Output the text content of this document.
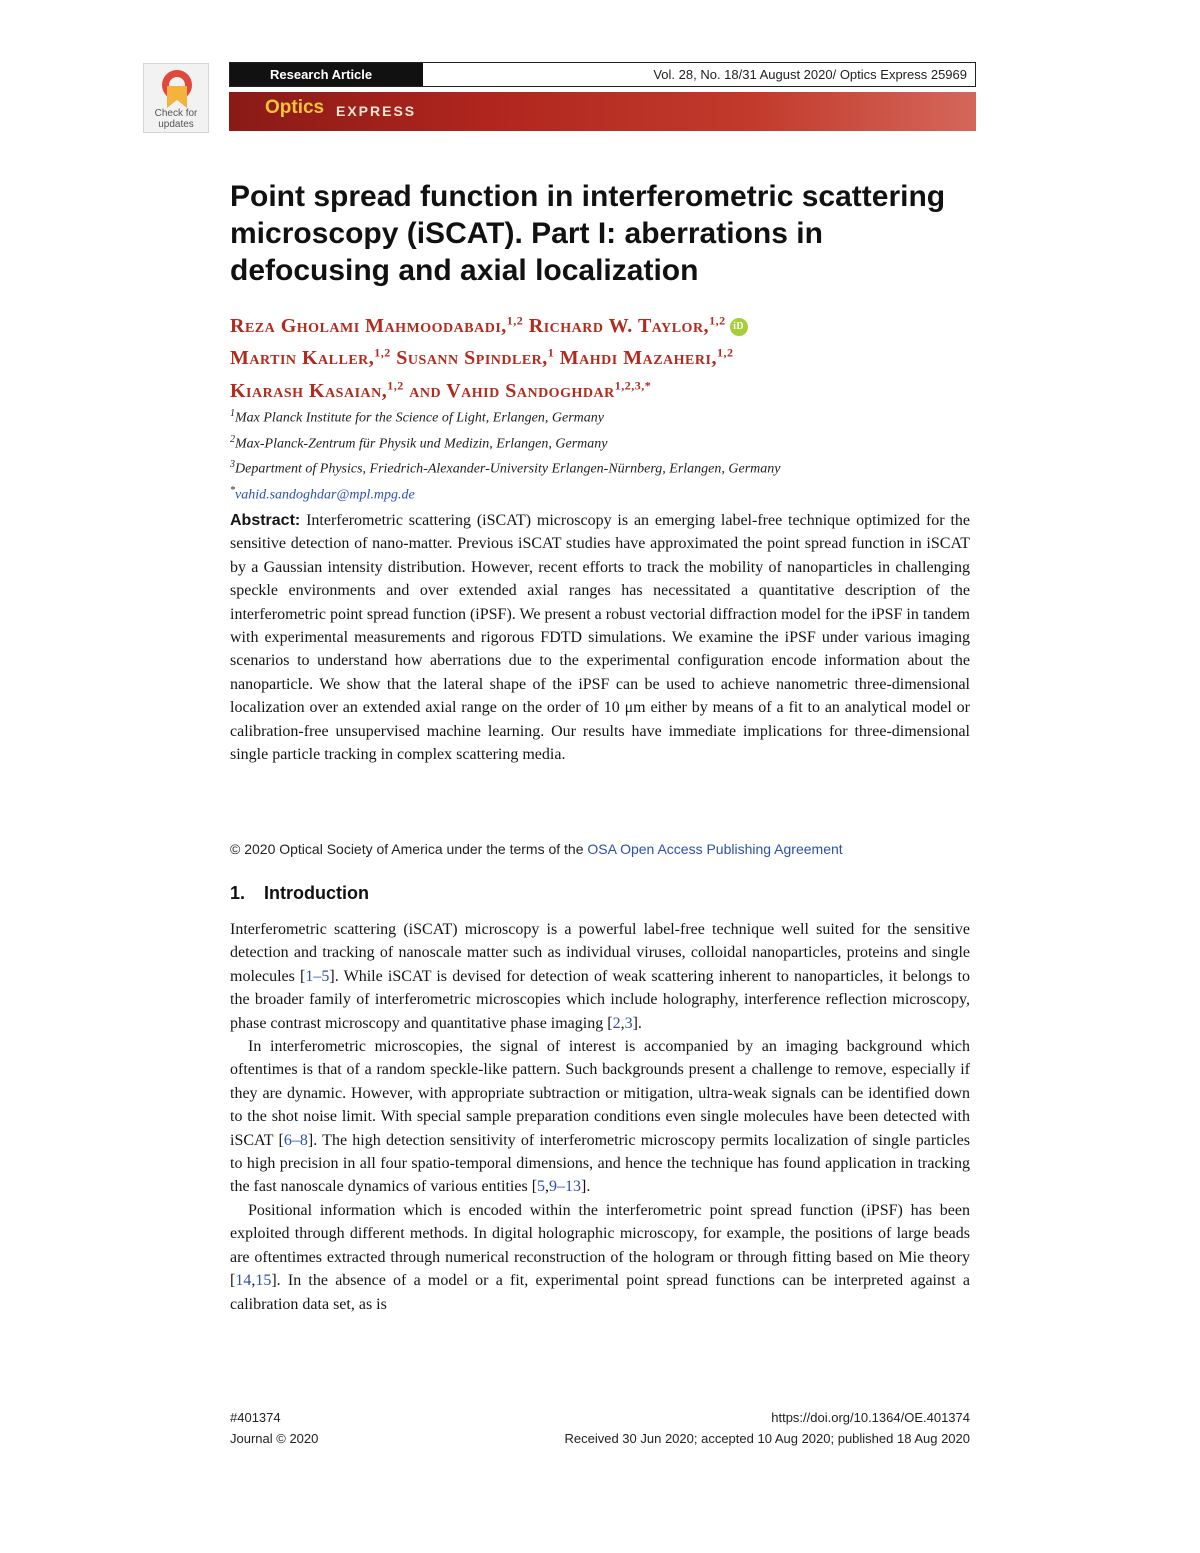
Check for updates
Research Article	Vol. 28, No. 18/31 August 2020/ Optics Express 25969
Optics EXPRESS
Point spread function in interferometric scattering microscopy (iSCAT). Part I: aberrations in defocusing and axial localization
Reza Gholami Mahmoodabadi,$^{1,2}$ Richard W. Taylor,$^{1,2}$ iD
Martin Kaller,$^{1,2}$ Susann Spindler,$^1$ Mahdi Mazaheri,$^{1,2}$
Kiarash Kasaian,$^{1,2}$ and Vahid Sandoghdar$^{1,2,3,*}$
$^1$Max Planck Institute for the Science of Light, Erlangen, Germany
$^2$Max-Planck-Zentrum für Physik und Medizin, Erlangen, Germany
$^3$Department of Physics, Friedrich-Alexander-University Erlangen-Nürnberg, Erlangen, Germany
*vahid.sandoghdar@mpl.mpg.de
Abstract: Interferometric scattering (iSCAT) microscopy is an emerging label-free technique optimized for the sensitive detection of nano-matter. Previous iSCAT studies have approximated the point spread function in iSCAT by a Gaussian intensity distribution. However, recent efforts to track the mobility of nanoparticles in challenging speckle environments and over extended axial ranges has necessitated a quantitative description of the interferometric point spread function (iPSF). We present a robust vectorial diffraction model for the iPSF in tandem with experimental measurements and rigorous FDTD simulations. We examine the iPSF under various imaging scenarios to understand how aberrations due to the experimental configuration encode information about the nanoparticle. We show that the lateral shape of the iPSF can be used to achieve nanometric three-dimensional localization over an extended axial range on the order of 10 μm either by means of a fit to an analytical model or calibration-free unsupervised machine learning. Our results have immediate implications for three-dimensional single particle tracking in complex scattering media.
© 2020 Optical Society of America under the terms of the OSA Open Access Publishing Agreement
1. Introduction

Interferometric scattering (iSCAT) microscopy is a powerful label-free technique well suited for the sensitive detection and tracking of nanoscale matter such as individual viruses, colloidal nanoparticles, proteins and single molecules [1–5]. While iSCAT is devised for detection of weak scattering inherent to nanoparticles, it belongs to the broader family of interferometric microscopies which include holography, interference reflection microscopy, phase contrast microscopy and quantitative phase imaging [2,3].

In interferometric microscopies, the signal of interest is accompanied by an imaging background which oftentimes is that of a random speckle-like pattern. Such backgrounds present a challenge to remove, especially if they are dynamic. However, with appropriate subtraction or mitigation, ultra-weak signals can be identified down to the shot noise limit. With special sample preparation conditions even single molecules have been detected with iSCAT [6–8]. The high detection sensitivity of interferometric microscopy permits localization of single particles to high precision in all four spatio-temporal dimensions, and hence the technique has found application in tracking the fast nanoscale dynamics of various entities [5,9–13].

Positional information which is encoded within the interferometric point spread function (iPSF) has been exploited through different methods. In digital holographic microscopy, for example, the positions of large beads are oftentimes extracted through numerical reconstruction of the hologram or through fitting based on Mie theory [14,15]. In the absence of a model or a fit, experimental point spread functions can be interpreted against a calibration data set, as is

#401374	https://doi.org/10.1364/OE.401374
Journal © 2020	Received 30 Jun 2020; accepted 10 Aug 2020; published 18 Aug 2020
